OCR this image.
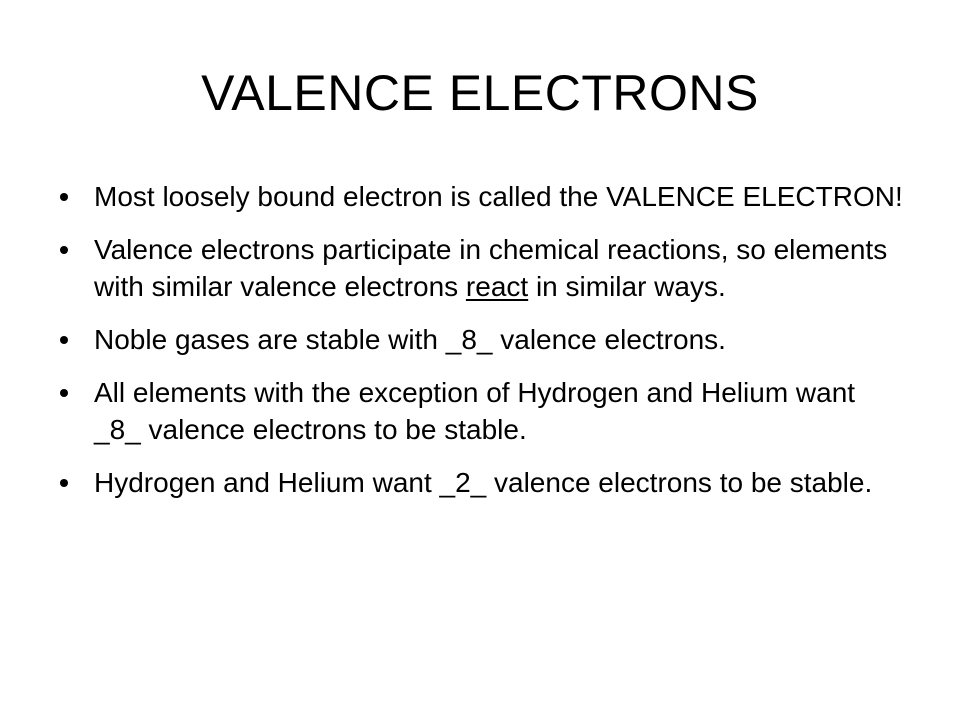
VALENCE ELECTRONS
Most loosely bound electron is called the VALENCE ELECTRON!
Valence electrons participate in chemical reactions, so elements with similar valence electrons react in similar ways.
Noble gases are stable with _8_ valence electrons.
All elements with the exception of Hydrogen and Helium want _8_ valence electrons to be stable.
Hydrogen and Helium want _2_ valence electrons to be stable.
